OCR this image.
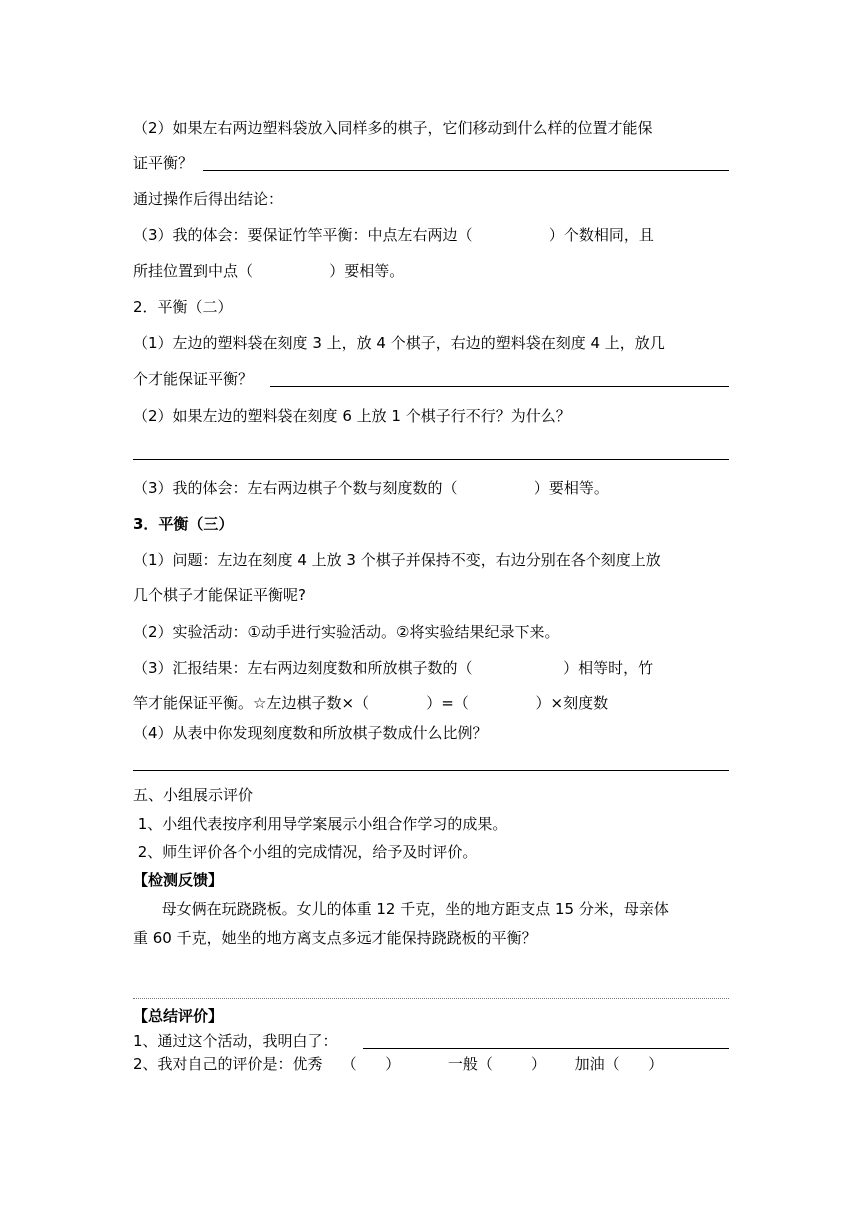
（2）如果左右两边塑料袋放入同样多的棋子，它们移动到什么样的位置才能保
证平衡？
通过操作后得出结论：
（3）我的体会：要保证竹竿平衡：中点左右两边（                ）个数相同，且
所挂位置到中点（                ）要相等。
2．平衡（二）
（1）左边的塑料袋在刻度 3 上，放 4 个棋子，右边的塑料袋在刻度 4 上，放几
个才能保证平衡？
（2）如果左边的塑料袋在刻度 6 上放 1 个棋子行不行？为什么？
（3）我的体会：左右两边棋子个数与刻度数的（                ）要相等。
3．平衡（三）
（1）问题：左边在刻度 4 上放 3 个棋子并保持不变，右边分别在各个刻度上放
几个棋子才能保证平衡呢?
（2）实验活动：①动手进行实验活动。②将实验结果纪录下来。
（3）汇报结果：左右两边刻度数和所放棋子数的（                   ）相等时，竹
竿才能保证平衡。☆左边棋子数×（            ）=（              ）×刻度数
（4）从表中你发现刻度数和所放棋子数成什么比例？
五、小组展示评价
1、小组代表按序利用导学案展示小组合作学习的成果。
2、师生评价各个小组的完成情况，给予及时评价。
【检测反馈】
母女俩在玩跷跷板。女儿的体重 12 千克，坐的地方距支点 15 分米，母亲体
重 60 千克，她坐的地方离支点多远才能保持跷跷板的平衡？
【总结评价】
1、通过这个活动，我明白了：
2、我对自己的评价是：优秀    （      ）          一般（        ）      加油（      ）
